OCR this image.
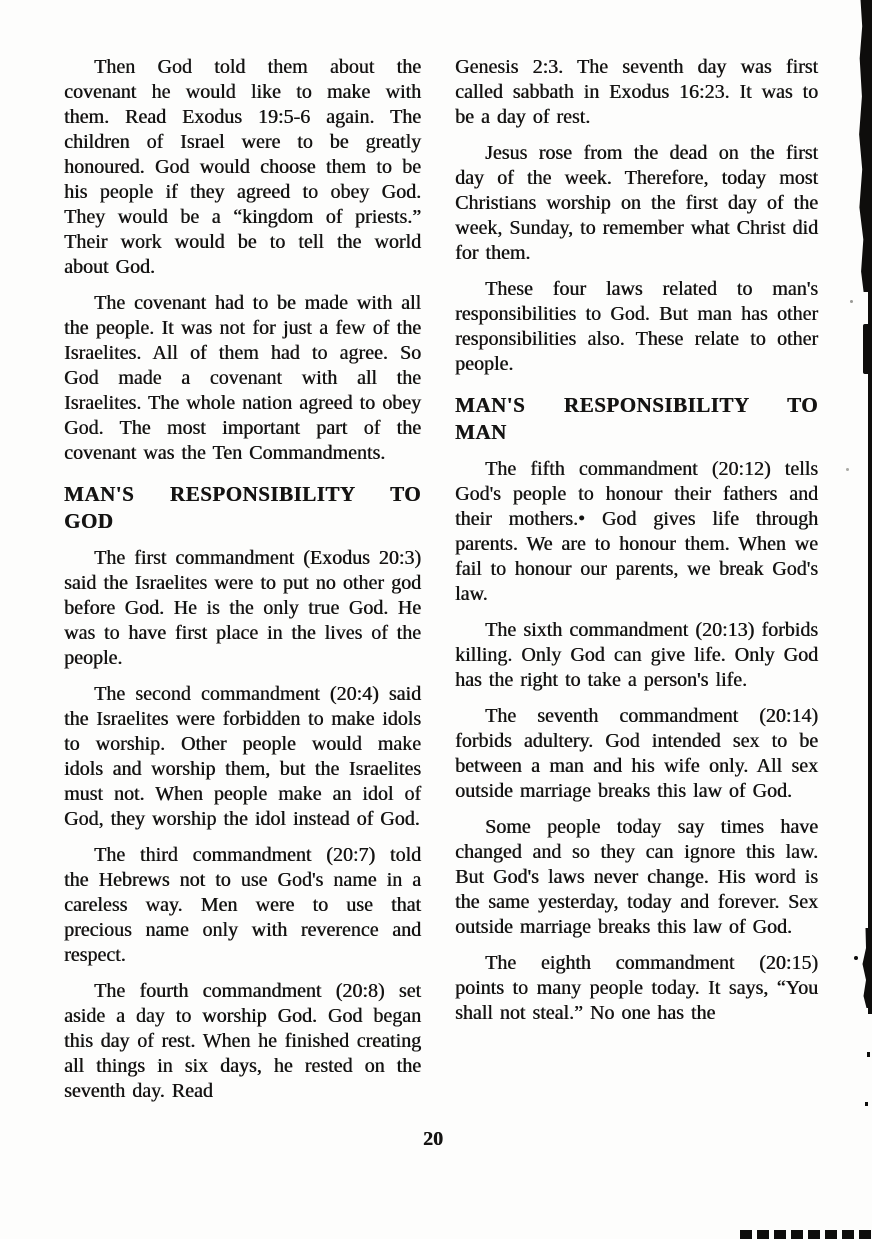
Then God told them about the covenant he would like to make with them. Read Exodus 19:5-6 again. The children of Israel were to be greatly honoured. God would choose them to be his people if they agreed to obey God. They would be a “kingdom of priests.” Their work would be to tell the world about God.

The covenant had to be made with all the people. It was not for just a few of the Israelites. All of them had to agree. So God made a covenant with all the Israelites. The whole nation agreed to obey God. The most important part of the covenant was the Ten Commandments.

MAN'S RESPONSIBILITY TO GOD

The first commandment (Exodus 20:3) said the Israelites were to put no other god before God. He is the only true God. He was to have first place in the lives of the people.

The second commandment (20:4) said the Israelites were forbidden to make idols to worship. Other people would make idols and worship them, but the Israelites must not. When people make an idol of God, they worship the idol instead of God.

The third commandment (20:7) told the Hebrews not to use God's name in a careless way. Men were to use that precious name only with reverence and respect.

The fourth commandment (20:8) set aside a day to worship God. God began this day of rest. When he finished creating all things in six days, he rested on the seventh day. Read

Genesis 2:3. The seventh day was first called sabbath in Exodus 16:23. It was to be a day of rest.

Jesus rose from the dead on the first day of the week. Therefore, today most Christians worship on the first day of the week, Sunday, to remember what Christ did for them.

These four laws related to man's responsibilities to God. But man has other responsibilities also. These relate to other people.

MAN'S RESPONSIBILITY TO MAN

The fifth commandment (20:12) tells God's people to honour their fathers and their mothers.• God gives life through parents. We are to honour them. When we fail to honour our parents, we break God's law.

The sixth commandment (20:13) forbids killing. Only God can give life. Only God has the right to take a person's life.

The seventh commandment (20:14) forbids adultery. God intended sex to be between a man and his wife only. All sex outside marriage breaks this law of God.

Some people today say times have changed and so they can ignore this law. But God's laws never change. His word is the same yesterday, today and forever. Sex outside marriage breaks this law of God.

The eighth commandment (20:15) points to many people today. It says, “You shall not steal.” No one has the

20
